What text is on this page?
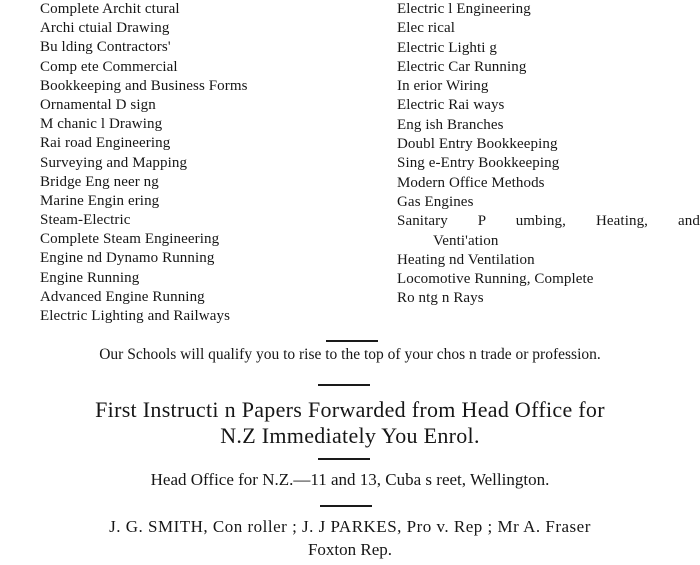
Complete Archit ctural
Archi ctuial Drawing
Bu lding Contractors'
Comp ete Commercial
Bookkeeping and Business Forms
Ornamental D sign
M chanic l Drawing
Rai road Engineering
Surveying and Mapping
Bridge Eng neer ng
Marine Engin ering
Steam-Electric
Complete Steam Engineering
Engine nd Dynamo Running
Engine Running
Advanced Engine Running
Electric Lighting and Railways
Electric l Engineering
Elec rical
Electric Lighti g
Electric Car Running
In erior Wiring
Electric Rai ways
Eng ish Branches
Doubl Entry Bookkeeping
Sing e-Entry Bookkeeping
Modern Office Methods
Gas Engines
Sanitary P umbing, Heating, and
Venti'ation
Heating nd Ventilation
Locomotive Running, Complete
Ro ntg n Rays
Our Schools will qualify you to rise to the top of your chos n trade or profession.
First Instructi n Papers Forwarded from Head Office for
N.Z Immediately You Enrol.
Head Office for N.Z.—11 and 13, Cuba s reet, Wellington.
J. G. SMITH, Con roller ; J. J PARKES, Pro v. Rep ; Mr A. Fraser
Foxton Rep.
